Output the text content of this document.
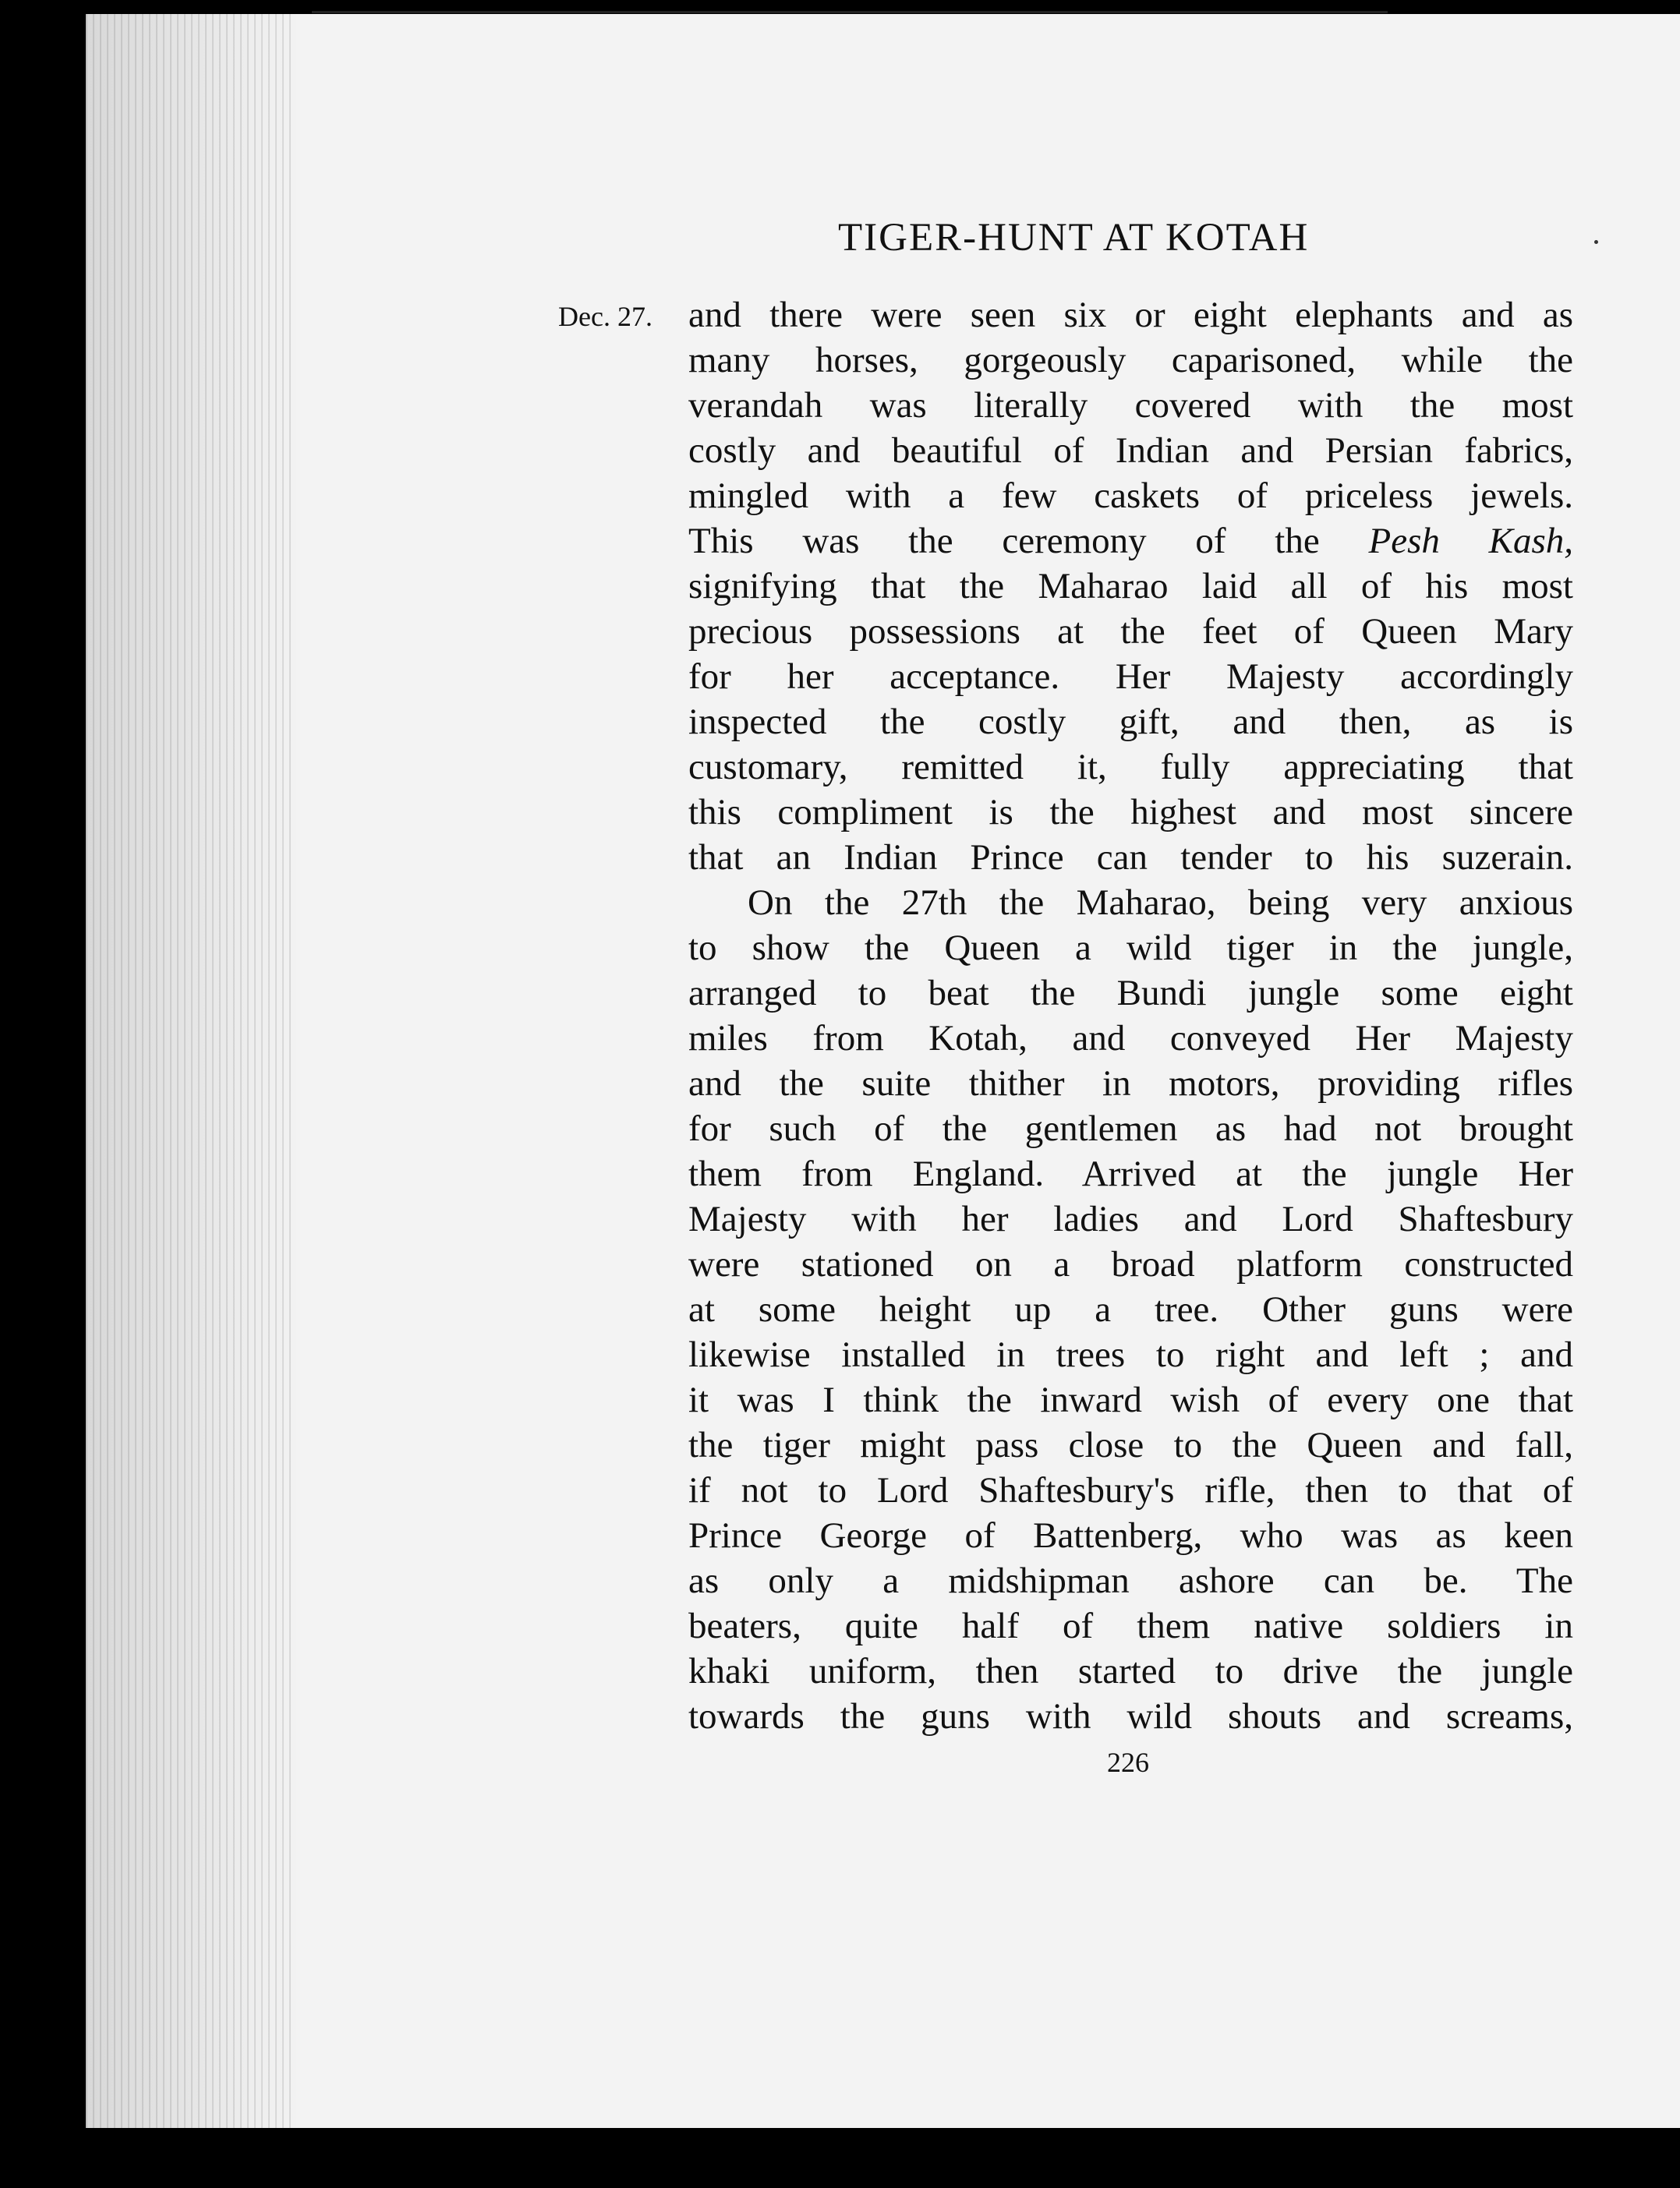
TIGER-HUNT AT KOTAH
Dec. 27. and there were seen six or eight elephants and as
many horses, gorgeously caparisoned, while the
verandah was literally covered with the most
costly and beautiful of Indian and Persian fabrics,
mingled with a few caskets of priceless jewels.
This was the ceremony of the Pesh Kash,
signifying that the Maharao laid all of his most
precious possessions at the feet of Queen Mary
for her acceptance. Her Majesty accordingly
inspected the costly gift, and then, as is
customary, remitted it, fully appreciating that
this compliment is the highest and most sincere
that an Indian Prince can tender to his suzerain.
On the 27th the Maharao, being very anxious
to show the Queen a wild tiger in the jungle,
arranged to beat the Bundi jungle some eight
miles from Kotah, and conveyed Her Majesty
and the suite thither in motors, providing rifles
for such of the gentlemen as had not brought
them from England. Arrived at the jungle Her
Majesty with her ladies and Lord Shaftesbury
were stationed on a broad platform constructed
at some height up a tree. Other guns were
likewise installed in trees to right and left ; and
it was I think the inward wish of every one that
the tiger might pass close to the Queen and fall,
if not to Lord Shaftesbury's rifle, then to that of
Prince George of Battenberg, who was as keen
as only a midshipman ashore can be. The
beaters, quite half of them native soldiers in
khaki uniform, then started to drive the jungle
towards the guns with wild shouts and screams,
226
